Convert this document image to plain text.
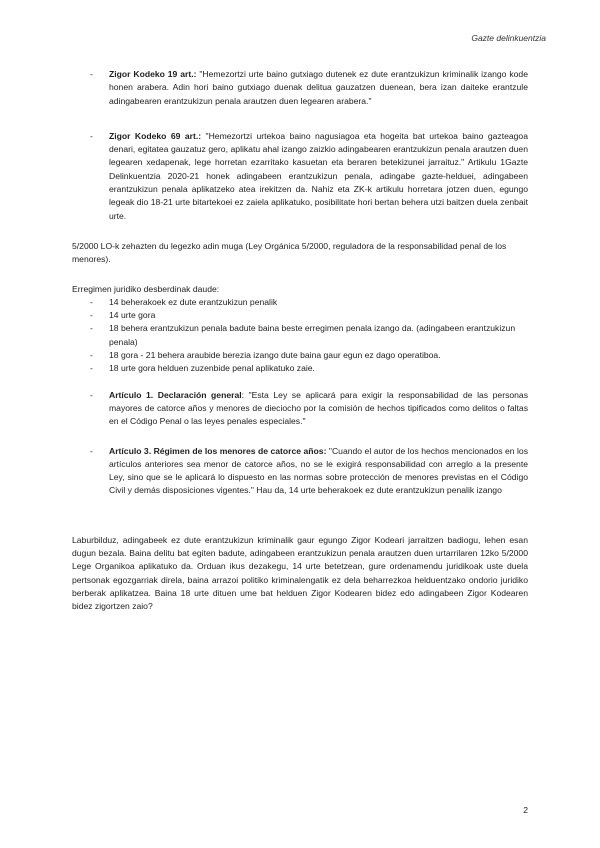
Gazte delinkuentzia
- Zigor Kodeko 19 art.: "Hemezortzi urte baino gutxiago dutenek ez dute erantzukizun kriminalik izango kode honen arabera. Adin hori baino gutxiago duenak delitua gauzatzen duenean, bera izan daiteke erantzule adingabearen erantzukizun penala arautzen duen legearen arabera."
- Zigor Kodeko 69 art.: "Hemezortzi urtekoa baino nagusiagoa eta hogeita bat urtekoa baino gazteagoa denari, egitatea gauzatuz gero, aplikatu ahal izango zaizkio adingabearen erantzukizun penala arautzen duen legearen xedapenak, lege horretan ezarritako kasuetan eta beraren betekizunei jarraituz." Artikulu 1Gazte Delinkuentzia 2020-21 honek adingabeen erantzukizun penala, adingabe gazte-helduei, adingabeen erantzukizun penala aplikatzeko atea irekitzen da. Nahiz eta ZK-k artikulu horretara jotzen duen, egungo legeak dio 18-21 urte bitartekoei ez zaiela aplikatuko, posibilitate hori bertan behera utzi baitzen duela zenbait urte.

5/2000 LO-k zehazten du legezko adin muga (Ley Orgánica 5/2000, reguladora de la responsabilidad penal de los menores).

Erregimen juridiko desberdinak daude:

- 14 beherakoek ez dute erantzukizun penalik
- 14 urte gora
- 18 behera erantzukizun penala badute baina beste erregimen penala izango da. (adingabeen erantzukizun penala)
- 18 gora - 21 behera araubide berezia izango dute baina gaur egun ez dago operatiboa.
- 18 urte gora helduen zuzenbide penal aplikatuko zaie.
- Artículo 1. Declaración general: "Esta Ley se aplicará para exigir la responsabilidad de las personas mayores de catorce años y menores de dieciocho por la comisión de hechos tipificados como delitos o faltas en el Código Penal o las leyes penales especiales."
- Artículo 3. Régimen de los menores de catorce años: "Cuando el autor de los hechos mencionados en los artículos anteriores sea menor de catorce años, no se le exigirá responsabilidad con arreglo a la presente Ley, sino que se le aplicará lo dispuesto en las normas sobre protección de menores previstas en el Código Civil y demás disposiciones vigentes." Hau da, 14 urte beherakoek ez dute erantzukizun penalik izango

Laburbilduz, adingabeek ez dute erantzukizun kriminalik gaur egungo Zigor Kodeari jarraitzen badiogu, lehen esan dugun bezala. Baina delitu bat egiten badute, adingabeen erantzukizun penala arautzen duen urtarrilaren 12ko 5/2000 Lege Organikoa aplikatuko da. Orduan ikus dezakegu, 14 urte betetzean, gure ordenamendu juridikoak uste duela pertsonak egozgarriak direla, baina arrazoi politiko kriminalengatik ez dela beharrezkoa helduentzako ondorio juridiko berberak aplikatzea. Baina 18 urte dituen ume bat helduen Zigor Kodearen bidez edo adingabeen Zigor Kodearen bidez zigortzen zaio?

2
